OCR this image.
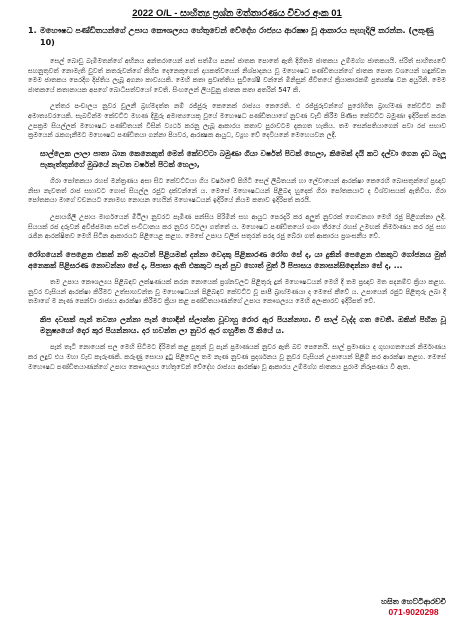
2022 O/L - සාහිත්‍ය ප්‍රශ්න මත්තාරණය විචාර අංක 01
1. මහෞෂධ පණ්ඩිතයන්ගේ උපාය කෞශල්‍යය හේතුවෙන් වේදේහ රාජ්‍යය ආරක්‍ෂා වූ ආකාරය පැහැදිලි කරන්න. (ලකුණු 10)

සෙල් බොඩු බැමිමතන්ගේ අභිනය අන්තරායෙන් පත් සත්මිය පනස් ජාතක පොතේ ඇති දිගිතම ජාතකය උම්මග්ග ජාතකයයි. ස්රිත් සාහිත්‍යවේ සහනුතුවත් නොමැති වුවත් කතරුවන්ගේ කිහිප දෙනෙකුගෙන් දායකත්වයෙන් නිශ්පාදනය වූ මහෞෂධ පණ්ඩිතයන්ගේ ජාතක පොත වශයෙන් හඳුන්වන මෙම ජාතකය පෙරදිග දිප්තිය ලැබූ අගනා කාව්‍යයකි. මෙහි කතා ප්‍රවෘත්තිය සුවිශේෂී වන්නේ මිනිසුන් ජීවිතයේ ක්‍රියාකාරකම් ප්‍රත්‍යක්ෂ වන අයුරිනි. මෙම ජාතකයේ කතානායක අපගේ බොධිසත්වයෝ වෙති. සිංහලෙන් ලියවුනු ජාතක කතා අතරින් 547 කි.

උත්තර පංචාලය නුවර චූලනී බ්‍රහ්මදත්ත නම් රජ්ජුරු කෙනෙක් රාජ්‍යය කෙරෙති. එ රජ්ජුරුවන්ගේ පුරෝහිත බ්‍රාහ්මණ කේවට්ට නම් අමාත්‍යවරයෙකි. සැබවින්ම කේවට්ට මහණ දිඹුරු අමාත්‍යයෙකු වූයේ මහෞෂධ පණ්ඩිතයාගේ නුවණ වැඩි කිරීම පිණිස කේවට්ට බමුණා ඉදිරිපත් කරන උපක්‍රම සියල්ලක් මහෞෂධ පණ්ඩිතයන් විසින් ව්‍යර්ථ කරනු ලැබූ ආකාරය කතාව පුරාවටම දැකගත හැකිය. තම සෙන්පතියාගෙන් පවා රජ සභාව ක්‍රමයෙන් රැකගැනීමට මහෞෂධ පණ්ඩිතයා ගන්නා පියවර, ආරක්‍ෂක ආයුධ, ව්‍යූහ වේ දෙවියනේ මෙහෙයවන ලදී.

සාල්ලෙක ලාලා පාතා බාන කෙනෙකුත් මෙන් කේවට්ටා බමුණා ගියා වර්ෂත් පිටක් හෙලා, කිමෙක් දයි කට දල්වා ගෙන දැඩ බැලූ පැකැත්තුන්ගේ මුඛයේ නැවත වර්ෂත් පිටක් හෙලා,

ගිරා පෝතකයා රහස් මන්ත්‍රණය අසා සිට කේවට්ටයා ගිය වර්ෂාවේ පිහිටි සෙල් ලිඛිතයන් හා ලේවායෙන් ආරක්ෂා කෙරෙහි බොසතුන්ගේ ප්‍රඥාව නිසා නැවතත් රාජ සභාවට ගොස් සියල්ල රජුට දක්වන්නේ ය. මෙසේ මහෞෂධයන් පිළිබඳ හුදෙක් ගිරා පෝතකයාට ද විශ්වාසයක් ඇතිවිය. ගිරා පෝතකයා මාගේ වචනයට නොමඟ නොයන හෙයින් මහෞෂධයන් ඉදිරියේ නියම කතාව ඉදිරිපත් කරයි.

උපායශීලී උපාය මාර්ගයෙන් මිථිලා නුවරට පැමිණ පන්සිය පිරිමින් සහ ආයුධ පෙරදැරි කර අලුත් නුවරක් ගොඩනගා මෙහි රජු පිළිගන්නා ලදී. සියයක් රජ දරුවන් අවිජ්ජමාන සටන් සංවිධානය කර නුවර වටලා ගත්තේ ය. මහෞෂධ පණ්ඩිතයෝ ගංගා තීරයේ රහස් උමඟක් නිර්මාණය කර රජු සහ රැජින ආරක්ෂිතව මෙහි සිටින ආකාරයට පිළියෙළ කළහ. මෙසේ උපාය වලින් සතුරන් පරදා රජු බේරා ගත් ආකාරය ප්‍රශංසනීය වේ.

රෝගයෙන් පෙළෙන එකක් නම් ඇයටත් පිළියමක් දන්නා වෙදකු පිළිකාරණ රෝග සේ ද, යා දුකින් පෙළෙන එකකුට ගෝජනය මුත් අනෙකක් පිළිසරණ නොවන්නා සේ ද, පිපාසා ඇති එකකුට පැන් පුව හොත් මුත් ඊ පිපාසය නොසන්සිඳෙන්නා සේ ද, ...

තම උපාය කෞශල්‍යය පිළිබඳව ලක්ෂණයක් කරන නොයෙක් ප්‍රශ්නවලට පිළිතුරු දුන් මහෞෂධයන් මෙහි දී තම ප්‍රඥාව මත පදනම්ව ක්‍රියා කළහ. නුවර වැසියන් ආරක්ෂා කිරීමට උත්සාහවන්ත වූ මහෞෂධයන් පිළිබඳව කේවට්ට වූ පාපී බ්‍රාහ්මණයා ද මෙසේ කීවේ ය. උපායෙන් රජුට පිළිතුරු ලබා දී තමාගේ ම නැණ පෙන්වා රාජ්‍යය ආරක්ෂා කිරීමට ක්‍රියා කළ පණ්ඩිතයාණන්ගේ උපාය කෞශල්‍යය මෙහි අලංකාරව ඉදිරිපත් වේ.

කිප දවසක් පැන් තවනා ලන්නා පැන් හොඳින් ස්ලාන්ත වූවාහු රොර ඇර පියන්නාහ. චී සාල් වැද්ද ගත වෙතී. ඔකින් පිහින වූ මනුෂ්‍යයෝ දොර කුර පියන්නාය. දර හවන්ත ලා නුවර ඇර ගහුමිත යි කියේ ය.

පැන් තැටි නොයෙක් සල මෙහි සිටීමට දිරිමත් කළ පුතුන් වූ පැන් ප්‍රමාණයක් නුවර ඇති බව පෙනෙයි. සාල් ප්‍රමාණය ද ගුහාගතයෙන් නිර්මාණය කර ලදුව එය මහා වැඩ කැරුණකි. කරුණු සොයා දුටු පිළිවෙල තම නැණ නුවණ ප්‍රදර්ශනය වූ නුවර වැසියන් උපායෙන් පිළිම් කර ආරක්ෂා කළහ. මෙසේ මහෞෂධ පණ්ඩිතයාණන්ගේ උපාය කෞශල්‍යය හේතුවෙන් වේදේහ රාජ්‍යය ආරක්ෂා වූ ආකාරය උම්මග්ග ජාතකය පුරාම නිරූපණය වී ඇත.

හසිත හෙට්ටිආරච්චි
071-9020298
